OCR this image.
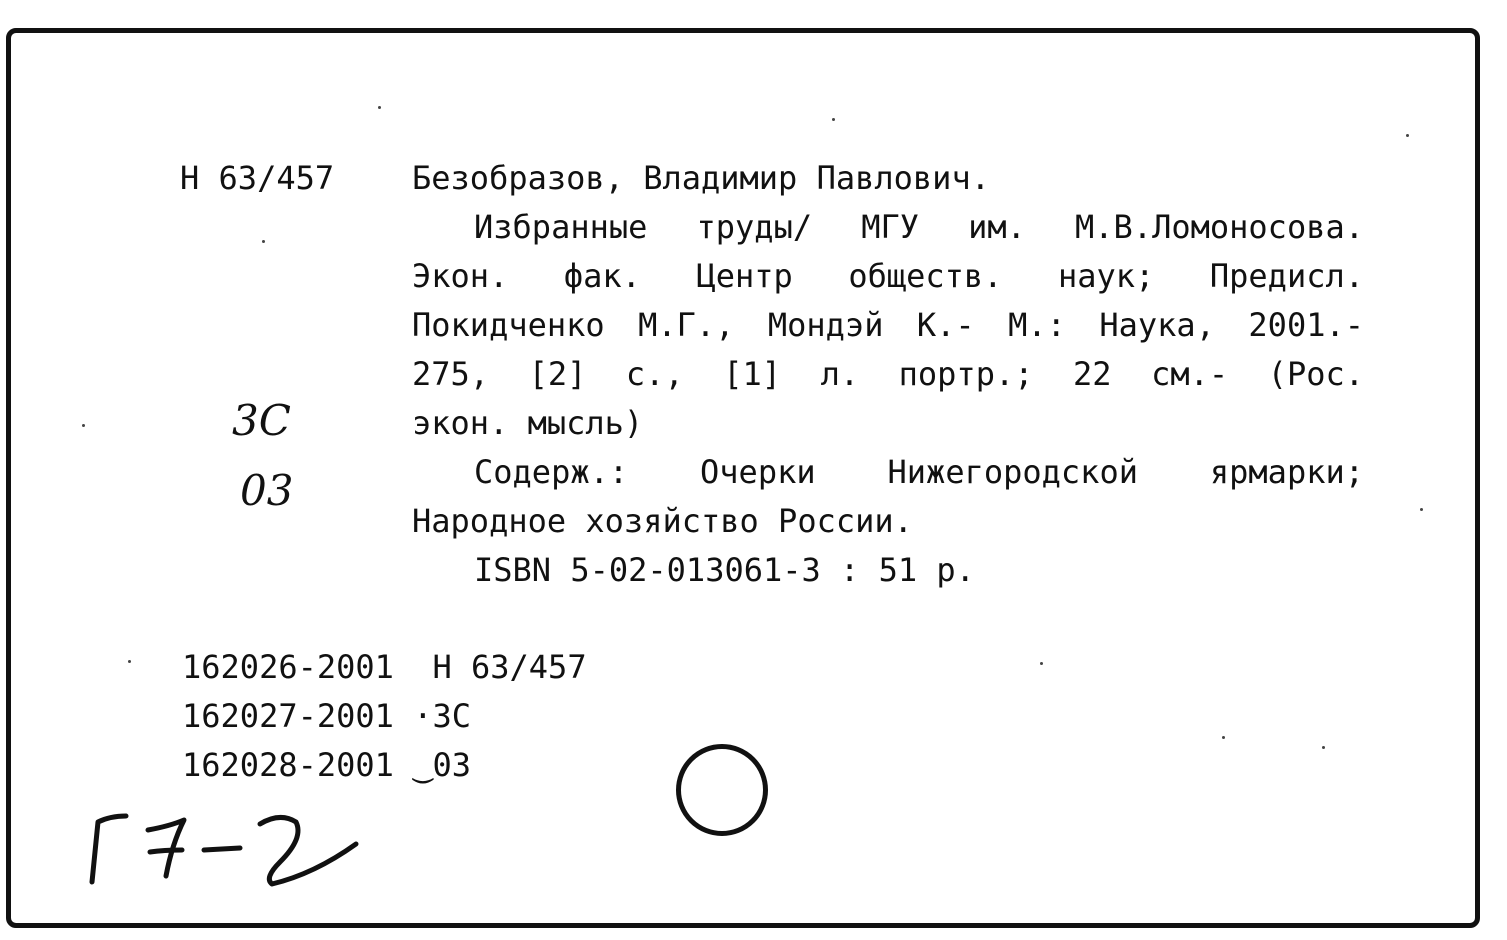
Н 63/457 Безобразов, Владимир Павлович.
Избранные труды/ МГУ им. М.В.Ломоносова.
Экон. фак. Центр обществ. наук; Предисл.
Покидченко М.Г., Мондэй К.- М.: Наука, 2001.-
275, [2] с., [1] л. портр.; 22 см.- (Рос.
экон. мысль)
Содерж.: Очерки Нижегородской ярмарки;
Народное хозяйство России.
ISBN 5-02-013061-3 : 51 р.
3С
03
162026-2001 Н 63/457
162027-2001 ·3С
162028-2001 ‿03
